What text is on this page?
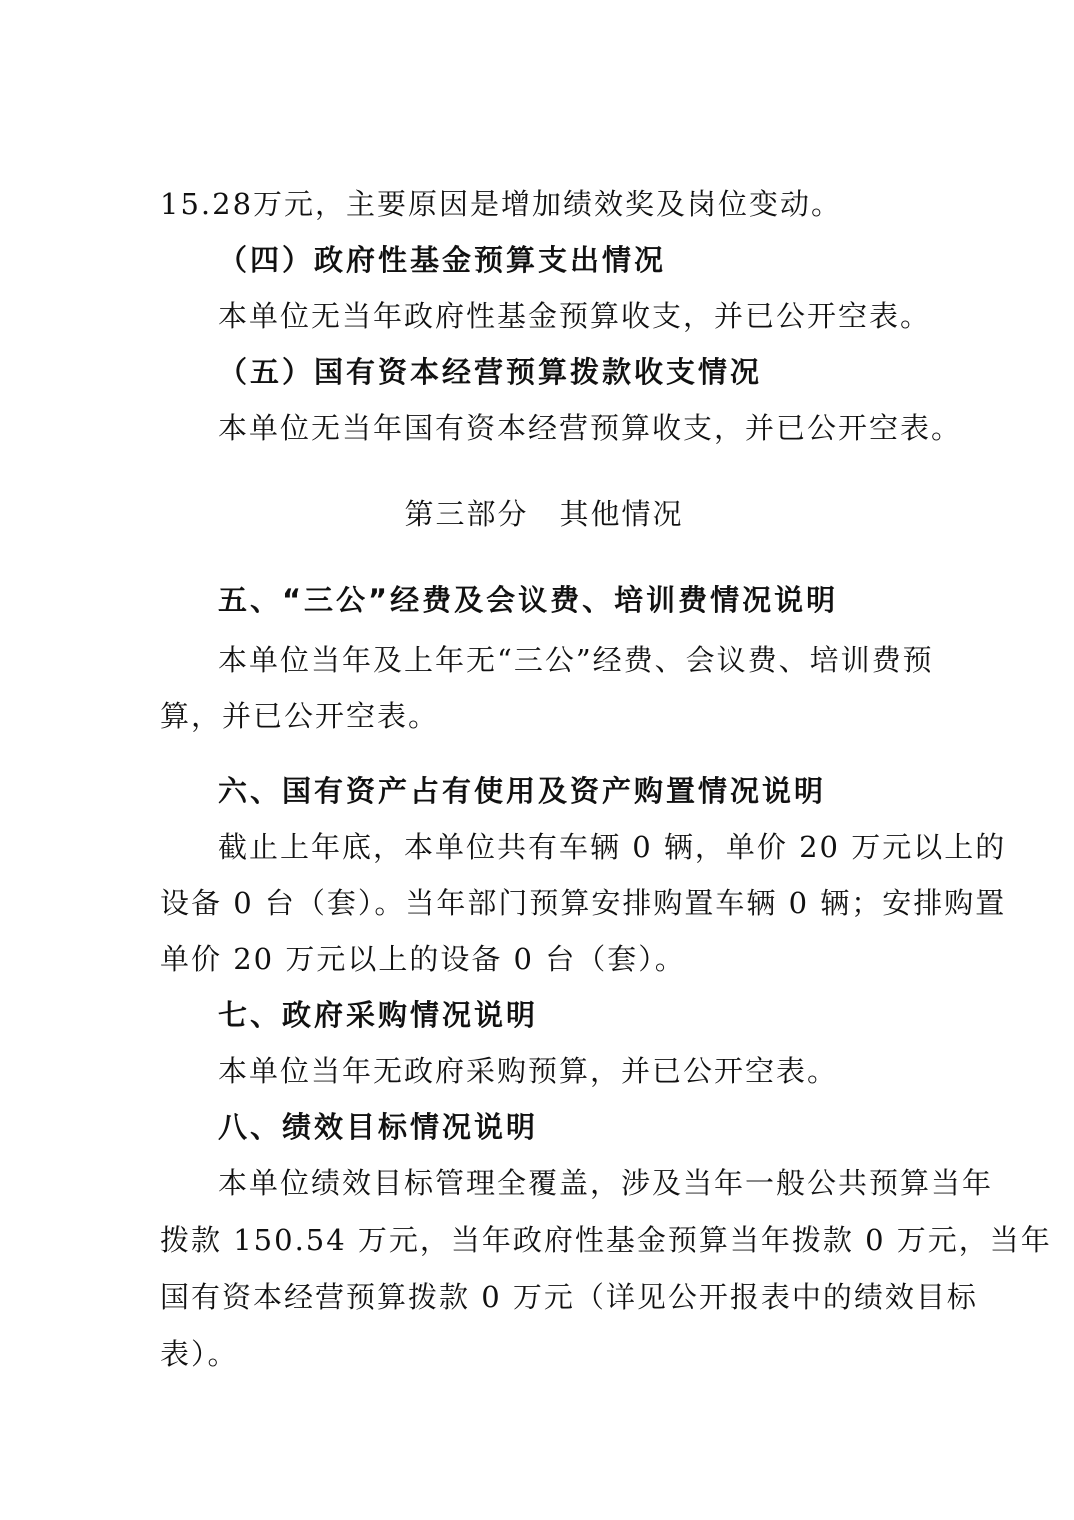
15.28万元，主要原因是增加绩效奖及岗位变动。
（四）政府性基金预算支出情况
本单位无当年政府性基金预算收支，并已公开空表。
（五）国有资本经营预算拨款收支情况
本单位无当年国有资本经营预算收支，并已公开空表。
第三部分　其他情况
五、“三公”经费及会议费、培训费情况说明
本单位当年及上年无“三公”经费、会议费、培训费预
算，并已公开空表。
六、国有资产占有使用及资产购置情况说明
截止上年底，本单位共有车辆 0 辆，单价 20 万元以上的
设备 0 台（套）。当年部门预算安排购置车辆 0 辆；安排购置
单价 20 万元以上的设备 0 台（套）。
七、政府采购情况说明
本单位当年无政府采购预算，并已公开空表。
八、绩效目标情况说明
本单位绩效目标管理全覆盖，涉及当年一般公共预算当年
拨款 150.54 万元，当年政府性基金预算当年拨款 0 万元，当年
国有资本经营预算拨款 0 万元（详见公开报表中的绩效目标
表）。
